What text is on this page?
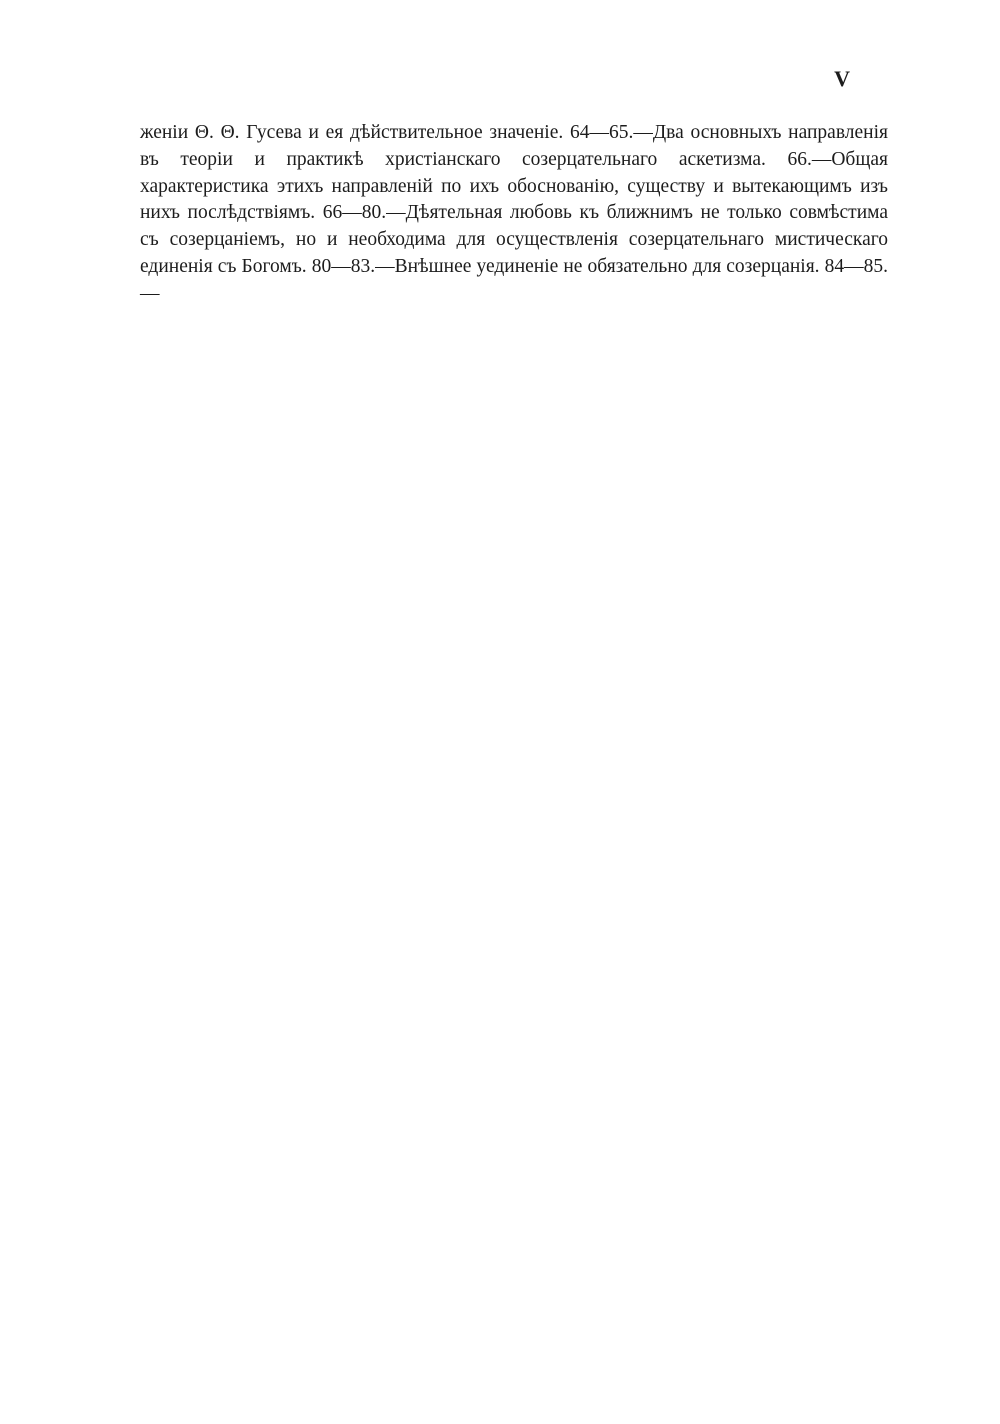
V

женiи Θ. Θ. Гусева и ея дѣйствительное значенiе. 64—65.—Два основныхъ направленiя въ теорiи и практикѣ христiанскаго созерцательнаго аскетизма. 66.—Общая характеристика этихъ направленiй по ихъ обоснованiю, существу и вытекающимъ изъ нихъ послѣдствiямъ. 66—80.—Дѣятельная любовь къ ближнимъ не только совмѣстима съ созерцанiемъ, но и необходима для осуществленiя созерцательнаго мистическаго единенiя съ Богомъ. 80—83.—Внѣшнее уединенiе не обязательно для созерцанiя. 84—85.—
